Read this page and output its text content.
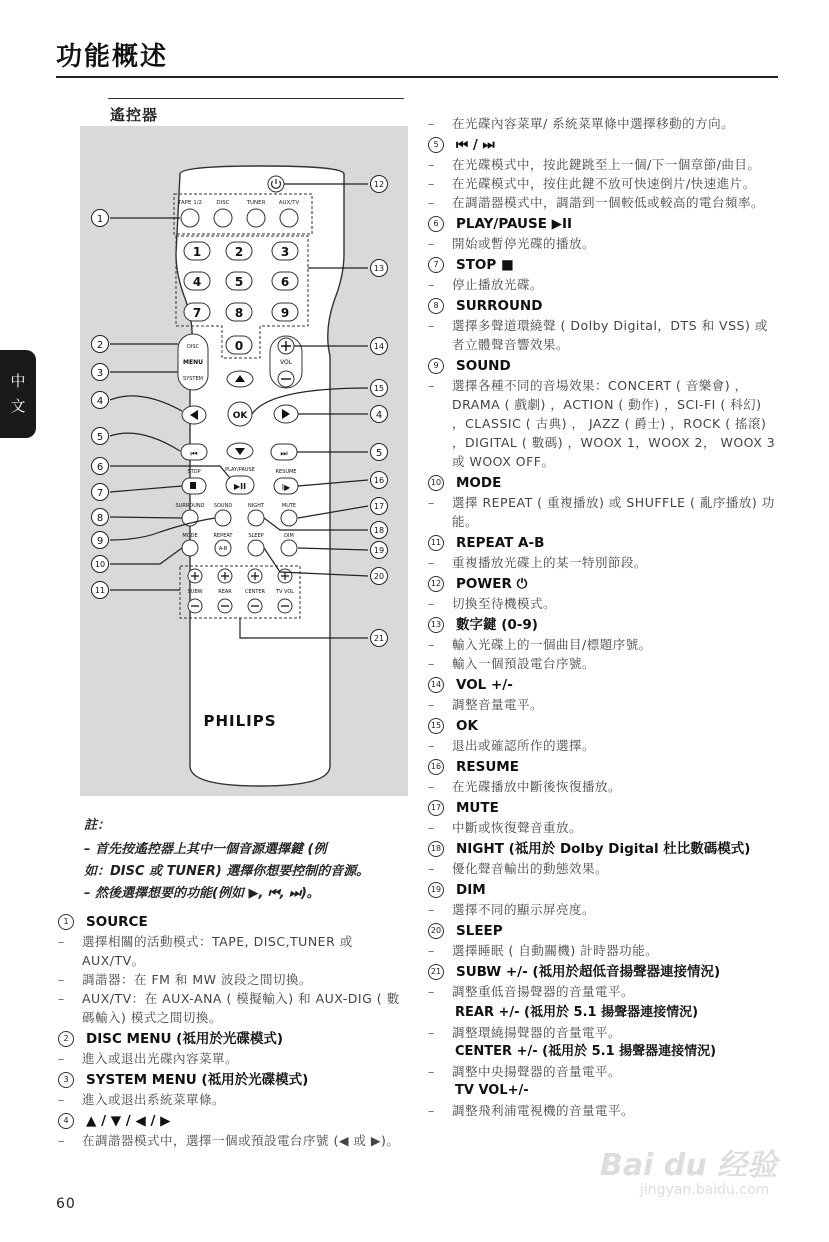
功能概述
中
文
遙控器
TAPE 1/2	DISC	TUNER AUX/TV
1	2	3
4	5	6
7	8	9
0
DISC
MENU
SYSTEM
VOL
OK
⏮	⏭
STOP	PLAY/PAUSE	RESUME
▶II	I▶
SURROUND SOUND	NIGHT	MUTE
MODE	REPEAT	SLEEP	DIM
A-B
SUBW	REAR	CENTER TV VOL
PHILIPS
1
2
3
4
5
6
7
8
9
10
11
12
13
14
15
4
5
16
17
18
19
20
21
註：
– 首先按遙控器上其中一個音源選擇鍵 (例
如：DISC 或 TUNER) 選擇你想要控制的音源。
– 然後選擇想要的功能(例如 ▶, ⏮, ⏭)。
1	SOURCE
–	選擇相關的活動模式：TAPE, DISC,TUNER 或 AUX/TV。
–	調諧器：在 FM 和 MW 波段之間切換。
–	AUX/TV：在 AUX-ANA ( 模擬輸入) 和 AUX-DIG ( 數碼輸入) 模式之間切換。
2	DISC MENU (祗用於光碟模式)
–	進入或退出光碟內容菜單。
3	SYSTEM MENU (祗用於光碟模式)
–	進入或退出系統菜單條。
4	▲ / ▼ / ◀ / ▶
–	在調諧器模式中，選擇一個或預設電台序號 (◀ 或 ▶)。
–	在光碟內容菜單/ 系統菜單條中選擇移動的方向。
5	⏮ / ⏭
–	在光碟模式中，按此鍵跳至上一個/下一個章節/曲目。
–	在光碟模式中，按住此鍵不放可快速倒片/快速進片。
–	在調諧器模式中，調諧到一個較低或較高的電台頻率。
6	PLAY/PAUSE ▶II
–	開始或暫停光碟的播放。
7	STOP ■
–	停止播放光碟。
8	SURROUND
–	選擇多聲道環繞聲 ( Dolby Digital，DTS 和 VSS) 或者立體聲音響效果。
9	SOUND
–	選擇各種不同的音場效果：CONCERT ( 音樂會) ，DRAMA ( 戲劇) ，ACTION ( 動作) ，SCI-FI ( 科幻) ，CLASSIC ( 古典) ， JAZZ ( 爵士) ，ROCK ( 搖滾) ，DIGITAL ( 數碼) ，WOOX 1，WOOX 2， WOOX 3 或 WOOX OFF。
10 MODE
–	選擇 REPEAT ( 重複播放) 或 SHUFFLE ( 亂序播放) 功能。
11 REPEAT A-B
–	重複播放光碟上的某一特別節段。
12 POWER ⏻
–	切換至待機模式。
13 數字鍵 (0-9)
–	輸入光碟上的一個曲目/標題序號。
–	輸入一個預設電台序號。
14 VOL +/-
–	調整音量電平。
15 OK
–	退出或確認所作的選擇。
16 RESUME
–	在光碟播放中斷後恢復播放。
17 MUTE
–	中斷或恢復聲音重放。
18 NIGHT (祗用於 Dolby Digital 杜比數碼模式)
–	優化聲音輸出的動態效果。
19 DIM
–	選擇不同的顯示屏亮度。
20 SLEEP
–	選擇睡眠 ( 自動關機) 計時器功能。
21 SUBW +/- (祗用於超低音揚聲器連接情況)
–	調整重低音揚聲器的音量電平。
REAR +/- (祗用於 5.1 揚聲器連接情況)
–	調整環繞揚聲器的音量電平。
CENTER +/- (祗用於 5.1 揚聲器連接情況)
–	調整中央揚聲器的音量電平。
TV VOL+/-
–	調整飛利浦電視機的音量電平。
60
Bai du 经验
jingyan.baidu.com
